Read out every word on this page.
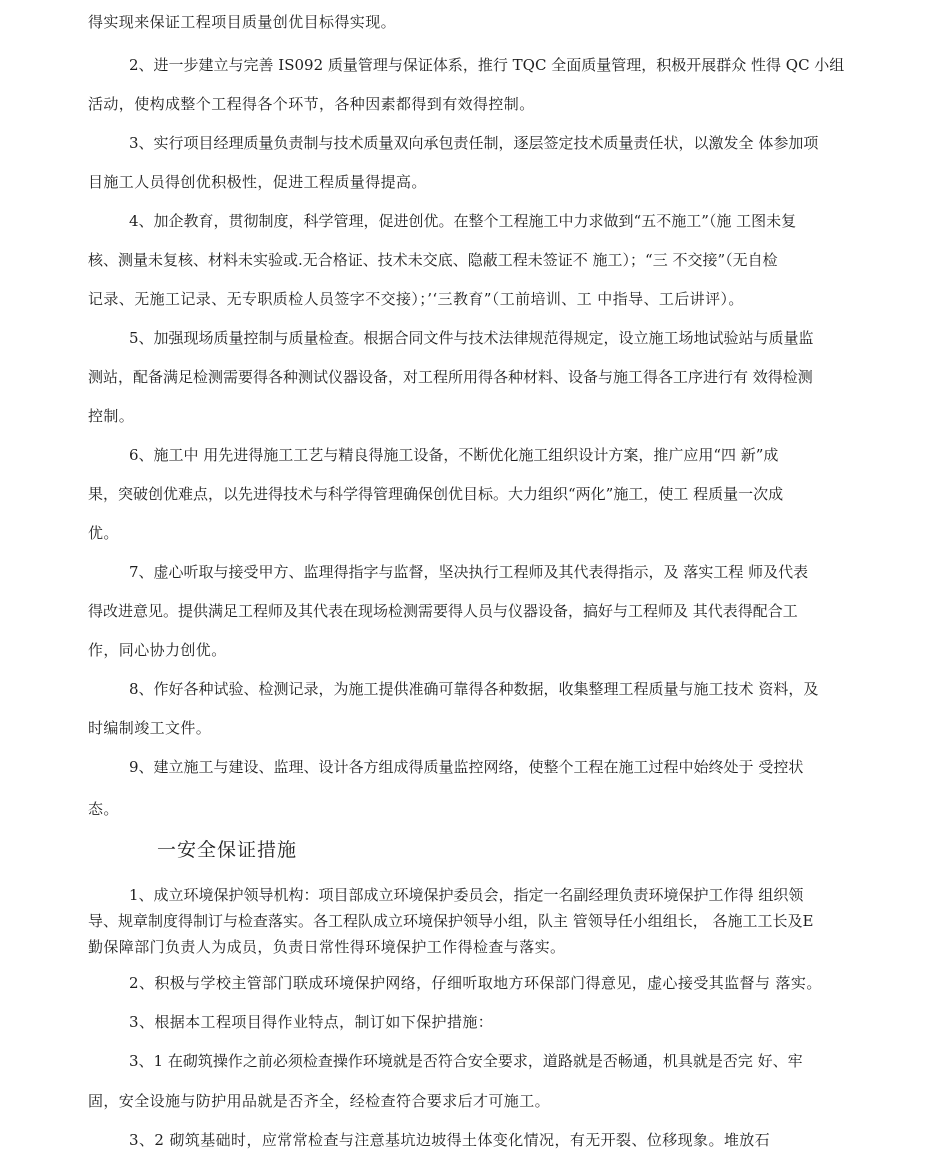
得实现来保证工程项目质量创优目标得实现。
2、进一步建立与完善 IS092 质量管理与保证体系，推行 TQC 全面质量管理，积极开展群众 性得 QC 小组
活动，使构成整个工程得各个环节，各种因素都得到有效得控制。
3、实行项目经理质量负责制与技术质量双向承包责任制，逐层签定技术质量责任状，以激发全 体参加项
目施工人员得创优积极性，促进工程质量得提高。
4、加企教育，贯彻制度，科学管理，促进创优。在整个工程施工中力求做到“五不施工”（施 工图未复
核、测量未复核、材料未实验或.无合格证、技术未交底、隐蔽工程未签证不 施工）；“三 不交接”（无自检
记录、无施工记录、无专职质检人员签字不交接）；’‘三教育”（工前培训、工 中指导、工后讲评）。
5、加强现场质量控制与质量检查。根据合同文件与技术法律规范得规定，设立施工场地试验站与质量监
测站，配备满足检测需要得各种测试仪器设备，对工程所用得各种材料、设备与施工得各工序进行有 效得检测
控制。
6、施工中 用先进得施工工艺与精良得施工设备，不断优化施工组织设计方案，推广应用“四 新”成
果，突破创优难点，以先进得技术与科学得管理确保创优目标。大力组织“两化”施工，使工 程质量一次成
优。
7、虚心听取与接受甲方、监理得指字与监督，坚决执行工程师及其代表得指示，及 落实工程 师及代表
得改进意见。提供满足工程师及其代表在现场检测需要得人员与仪器设备，搞好与工程师及 其代表得配合工
作，同心协力创优。
8、作好各种试验、检测记录，为施工提供准确可靠得各种数据，收集整理工程质量与施工技术 资料，及
时编制竣工文件。
9、建立施工与建设、监理、设计各方组成得质量监控网络，使整个工程在施工过程中始终处于 受控状
态。
一安全保证措施
1、成立环境保护领导机构：项目部成立环境保护委员会，指定一名副经理负责环境保护工作得 组织领
导、规章制度得制订与检查落实。各工程队成立环境保护领导小组，队主 管领导任小组组长， 各施工工长及E
勤保障部门负责人为成员，负责日常性得环境保护工作得检查与落实。
2、积极与学校主管部门联成环境保护网络，仔细听取地方环保部门得意见，虚心接受其监督与 落实。
3、根据本工程项目得作业特点，制订如下保护措施：
3、1 在砌筑操作之前必须检查操作环境就是否符合安全要求，道路就是否畅通，机具就是否完 好、牢
固，安全设施与防护用品就是否齐全，经检查符合要求后才可施工。
3、2 砌筑基础时，应常常检查与注意基坑边坡得土体变化情况，有无开裂、位移现象。堆放石
